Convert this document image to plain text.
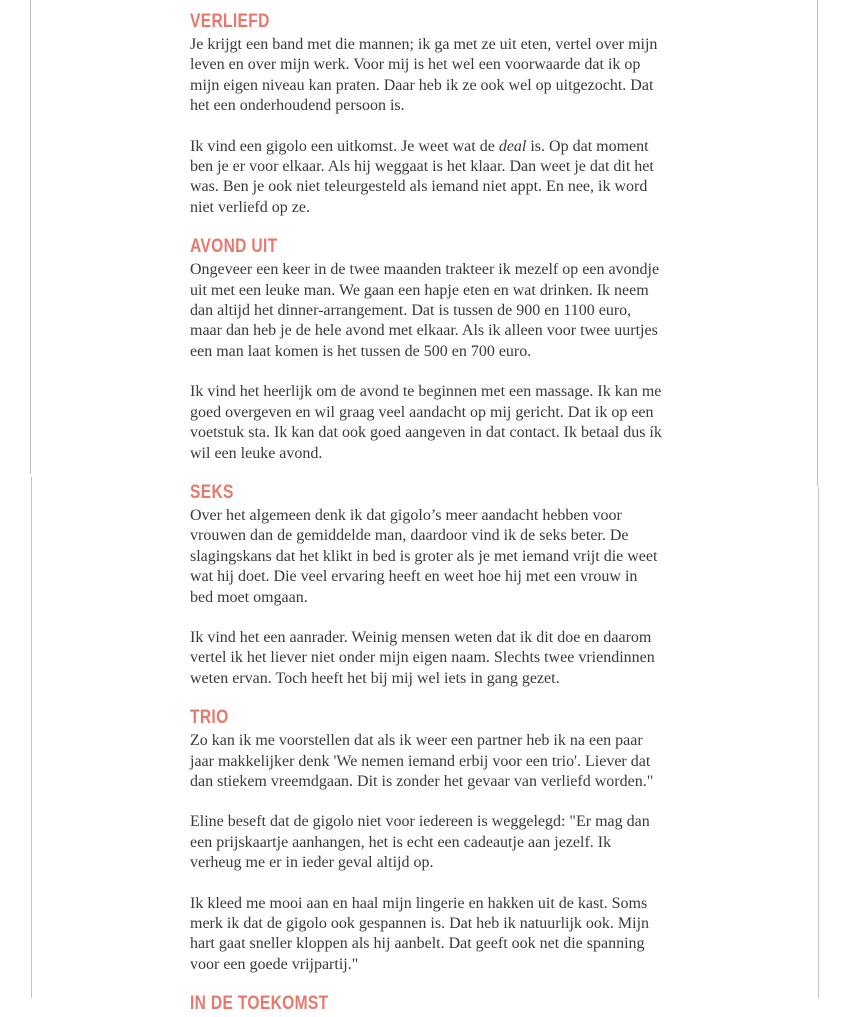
VERLIEFD

Je krijgt een band met die mannen; ik ga met ze uit eten, vertel over mijn leven en over mijn werk. Voor mij is het wel een voorwaarde dat ik op mijn eigen niveau kan praten. Daar heb ik ze ook wel op uitgezocht. Dat het een onderhoudend persoon is.

Ik vind een gigolo een uitkomst. Je weet wat de deal is. Op dat moment ben je er voor elkaar. Als hij weggaat is het klaar. Dan weet je dat dit het was. Ben je ook niet teleurgesteld als iemand niet appt. En nee, ik word niet verliefd op ze.

AVOND UIT

Ongeveer een keer in de twee maanden trakteer ik mezelf op een avondje uit met een leuke man. We gaan een hapje eten en wat drinken. Ik neem dan altijd het dinner-arrangement. Dat is tussen de 900 en 1100 euro, maar dan heb je de hele avond met elkaar. Als ik alleen voor twee uurtjes een man laat komen is het tussen de 500 en 700 euro.

Ik vind het heerlijk om de avond te beginnen met een massage. Ik kan me goed overgeven en wil graag veel aandacht op mij gericht. Dat ik op een voetstuk sta. Ik kan dat ook goed aangeven in dat contact. Ik betaal dus ík wil een leuke avond.

SEKS

Over het algemeen denk ik dat gigolo’s meer aandacht hebben voor vrouwen dan de gemiddelde man, daardoor vind ik de seks beter. De slagingskans dat het klikt in bed is groter als je met iemand vrijt die weet wat hij doet. Die veel ervaring heeft en weet hoe hij met een vrouw in bed moet omgaan.

Ik vind het een aanrader. Weinig mensen weten dat ik dit doe en daarom vertel ik het liever niet onder mijn eigen naam. Slechts twee vriendinnen weten ervan. Toch heeft het bij mij wel iets in gang gezet.

TRIO

Zo kan ik me voorstellen dat als ik weer een partner heb ik na een paar jaar makkelijker denk 'We nemen iemand erbij voor een trio'. Liever dat dan stiekem vreemdgaan. Dit is zonder het gevaar van verliefd worden."

Eline beseft dat de gigolo niet voor iedereen is weggelegd: "Er mag dan een prijskaartje aanhangen, het is echt een cadeautje aan jezelf. Ik verheug me er in ieder geval altijd op.

Ik kleed me mooi aan en haal mijn lingerie en hakken uit de kast. Soms merk ik dat de gigolo ook gespannen is. Dat heb ik natuurlijk ook. Mijn hart gaat sneller kloppen als hij aanbelt. Dat geeft ook net die spanning voor een goede vrijpartij."

IN DE TOEKOMST
